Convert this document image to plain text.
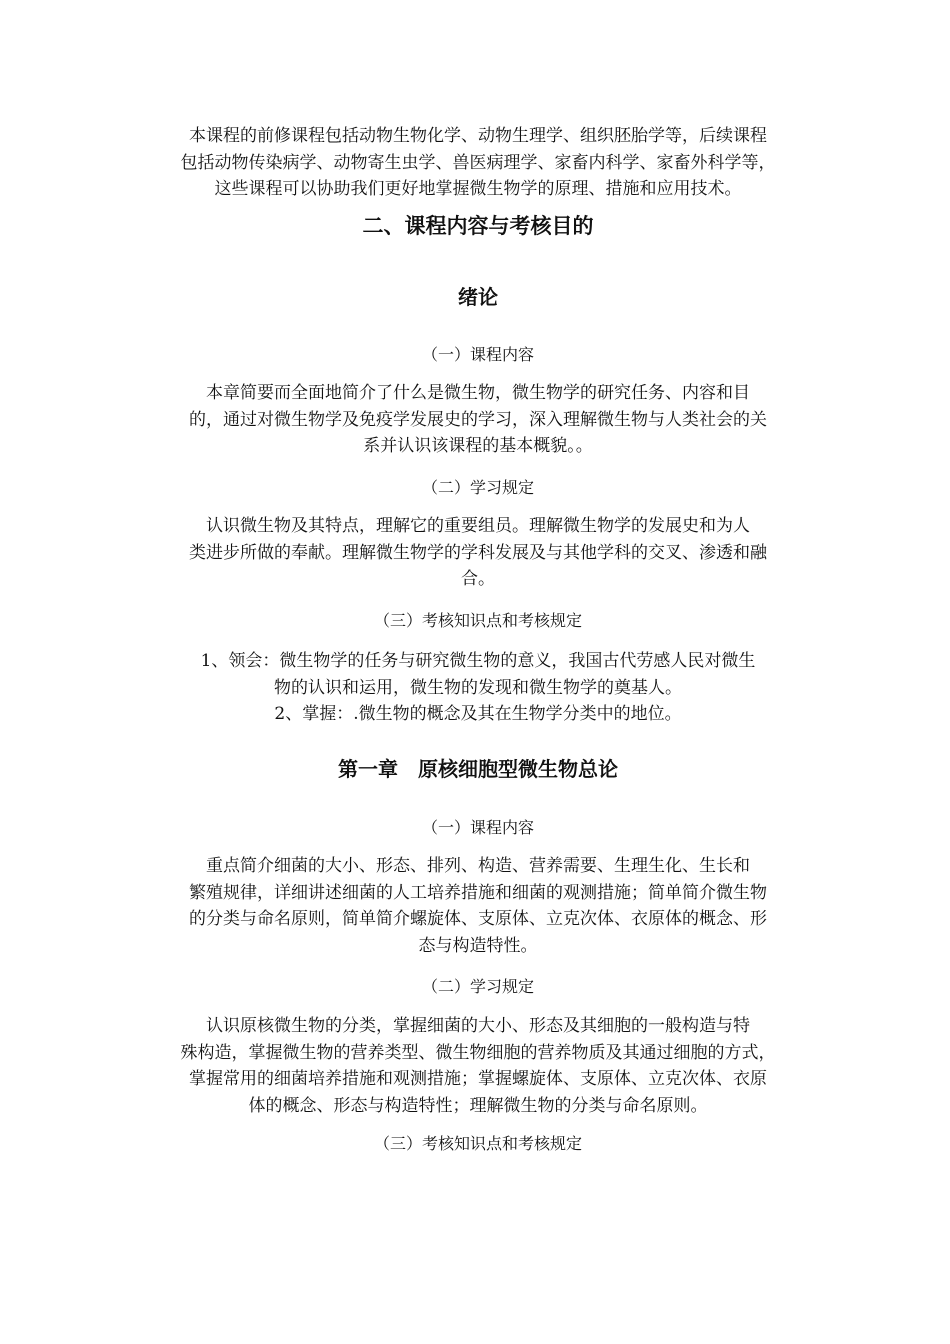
本课程的前修课程包括动物生物化学、动物生理学、组织胚胎学等，后续课程
包括动物传染病学、动物寄生虫学、兽医病理学、家畜内科学、家畜外科学等，
这些课程可以协助我们更好地掌握微生物学的原理、措施和应用技术。
二、课程内容与考核目的
绪论
（一）课程内容
本章简要而全面地简介了什么是微生物，微生物学的研究任务、内容和目
的，通过对微生物学及免疫学发展史的学习，深入理解微生物与人类社会的关
系并认识该课程的基本概貌。。
（二）学习规定
认识微生物及其特点，理解它的重要组员。理解微生物学的发展史和为人
类进步所做的奉献。理解微生物学的学科发展及与其他学科的交叉、渗透和融
合。
（三）考核知识点和考核规定
1、领会：微生物学的任务与研究微生物的意义，我国古代劳感人民对微生
物的认识和运用，微生物的发现和微生物学的奠基人。
2、掌握：.微生物的概念及其在生物学分类中的地位。
第一章　原核细胞型微生物总论
（一）课程内容
重点简介细菌的大小、形态、排列、构造、营养需要、生理生化、生长和
繁殖规律，详细讲述细菌的人工培养措施和细菌的观测措施；简单简介微生物
的分类与命名原则，简单简介螺旋体、支原体、立克次体、衣原体的概念、形
态与构造特性。
（二）学习规定
认识原核微生物的分类，掌握细菌的大小、形态及其细胞的一般构造与特
殊构造，掌握微生物的营养类型、微生物细胞的营养物质及其通过细胞的方式，
掌握常用的细菌培养措施和观测措施；掌握螺旋体、支原体、立克次体、衣原
体的概念、形态与构造特性；理解微生物的分类与命名原则。
（三）考核知识点和考核规定
